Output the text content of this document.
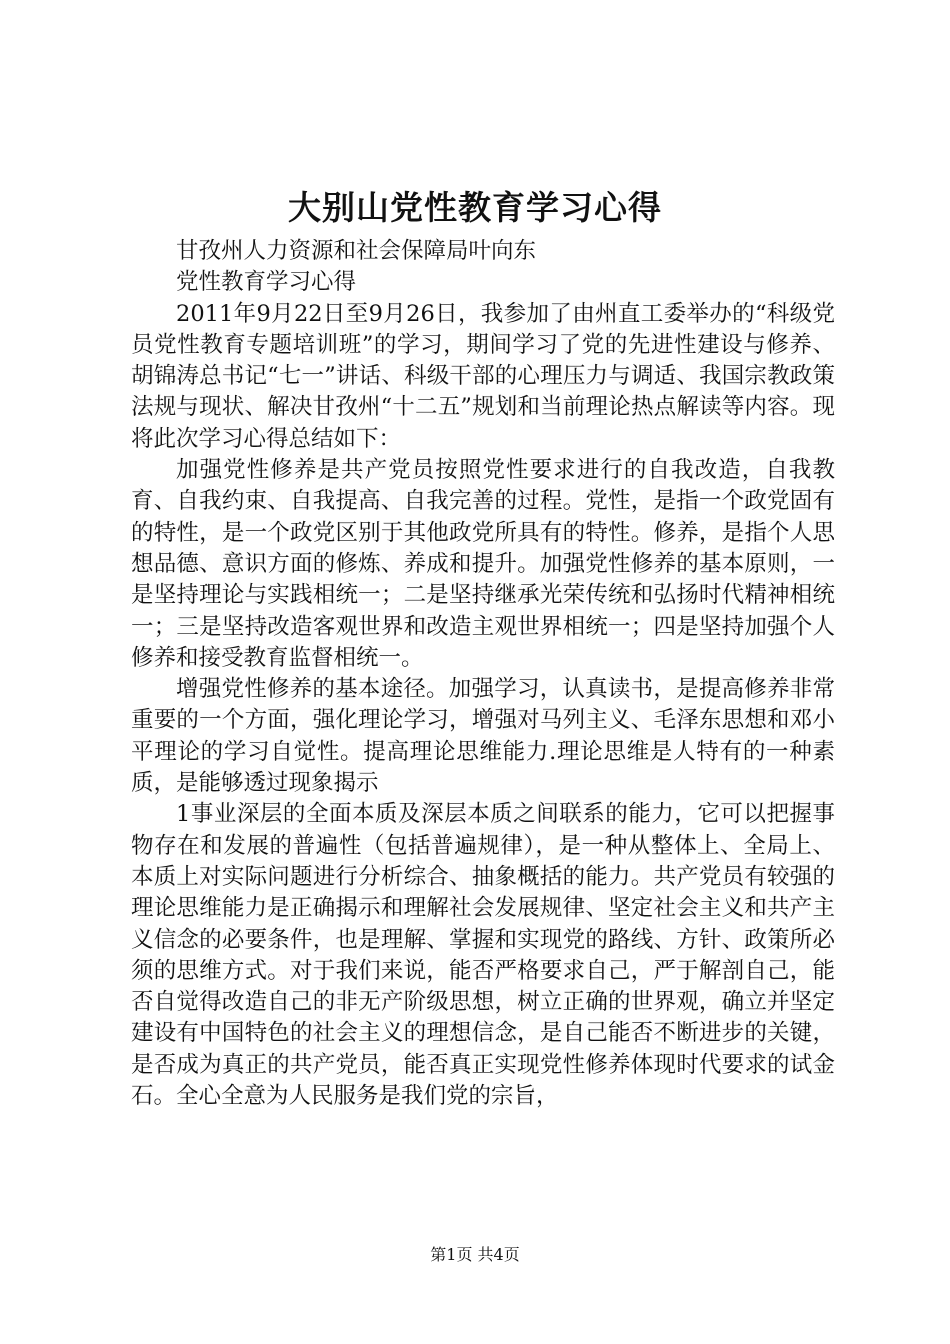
大别山党性教育学习心得

甘孜州人力资源和社会保障局叶向东

党性教育学习心得

2011年9月22日至9月26日，我参加了由州直工委举办的“科级党员党性教育专题培训班”的学习，期间学习了党的先进性建设与修养、胡锦涛总书记“七一”讲话、科级干部的心理压力与调适、我国宗教政策法规与现状、解决甘孜州“十二五”规划和当前理论热点解读等内容。现将此次学习心得总结如下：

加强党性修养是共产党员按照党性要求进行的自我改造，自我教育、自我约束、自我提高、自我完善的过程。党性，是指一个政党固有的特性，是一个政党区别于其他政党所具有的特性。修养，是指个人思想品德、意识方面的修炼、养成和提升。加强党性修养的基本原则，一是坚持理论与实践相统一；二是坚持继承光荣传统和弘扬时代精神相统一；三是坚持改造客观世界和改造主观世界相统一；四是坚持加强个人修养和接受教育监督相统一。

增强党性修养的基本途径。加强学习，认真读书，是提高修养非常重要的一个方面，强化理论学习，增强对马列主义、毛泽东思想和邓小平理论的学习自觉性。提高理论思维能力.理论思维是人特有的一种素质，是能够透过现象揭示

1事业深层的全面本质及深层本质之间联系的能力，它可以把握事物存在和发展的普遍性（包括普遍规律），是一种从整体上、全局上、本质上对实际问题进行分析综合、抽象概括的能力。共产党员有较强的理论思维能力是正确揭示和理解社会发展规律、坚定社会主义和共产主义信念的必要条件，也是理解、掌握和实现党的路线、方针、政策所必须的思维方式。对于我们来说，能否严格要求自己，严于解剖自己，能否自觉得改造自己的非无产阶级思想，树立正确的世界观，确立并坚定建设有中国特色的社会主义的理想信念，是自己能否不断进步的关键，是否成为真正的共产党员，能否真正实现党性修养体现时代要求的试金石。全心全意为人民服务是我们党的宗旨，

第1页 共4页
